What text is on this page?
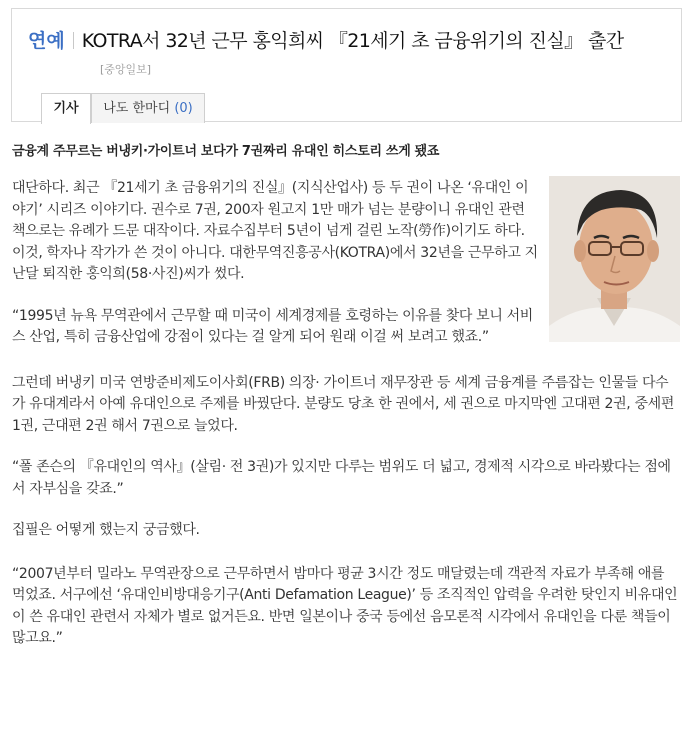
연예 KOTRA서 32년 근무 홍익희씨 『21세기 초 금융위기의 진실』 출간
[중앙일보]
기사	나도 한마디 (0)
금융계 주무르는 버냉키·가이트너 보다가 7권짜리 유대인 히스토리 쓰게 됐죠

대단하다. 최근 『21세기 초 금융위기의 진실』(지식산업사) 등 두 권이 나온 ‘유대인 이야기’ 시리즈 이야기다. 권수로 7권, 200자 원고지 1만 매가 넘는 분량이니 유대인 관련 책으로는 유례가 드문 대작이다. 자료수집부터 5년이 넘게 걸린 노작(勞作)이기도 하다. 이것, 학자나 작가가 쓴 것이 아니다. 대한무역진흥공사(KOTRA)에서 32년을 근무하고 지난달 퇴직한 홍익희(58·사진)씨가 썼다.

“1995년 뉴욕 무역관에서 근무할 때 미국이 세계경제를 호령하는 이유를 찾다 보니 서비스 산업, 특히 금융산업에 강점이 있다는 걸 알게 되어 원래 이걸 써 보려고 했죠.”

그런데 버냉키 미국 연방준비제도이사회(FRB) 의장· 가이트너 재무장관 등 세계 금융계를 주름잡는 인물들 다수가 유대계라서 아예 유대인으로 주제를 바꿨단다. 분량도 당초 한 권에서, 세 권으로 마지막엔 고대편 2권, 중세편 1권, 근대편 2권 해서 7권으로 늘었다.

“폴 존슨의 『유대인의 역사』(살림· 전 3권)가 있지만 다루는 범위도 더 넓고, 경제적 시각으로 바라봤다는 점에서 자부심을 갖죠.”

집필은 어떻게 했는지 궁금했다.

“2007년부터 밀라노 무역관장으로 근무하면서 밤마다 평균 3시간 정도 매달렸는데 객관적 자료가 부족해 애를 먹었죠. 서구에선 ‘유대인비방대응기구(Anti Defamation League)’ 등 조직적인 압력을 우려한 탓인지 비유대인이 쓴 유대인 관련서 자체가 별로 없거든요. 반면 일본이나 중국 등에선 음모론적 시각에서 유대인을 다룬 책들이 많고요.”
